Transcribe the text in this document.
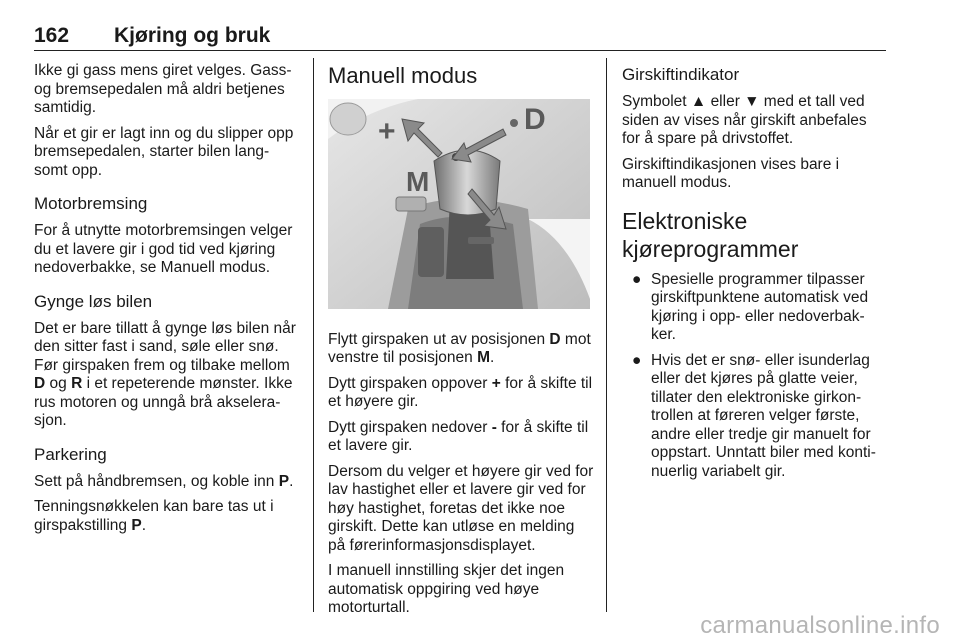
162 Kjøring og bruk

Ikke gi gass mens giret velges. Gass- og bremsepedalen må aldri betjenes samtidig.

Når et gir er lagt inn og du slipper opp bremsepedalen, starter bilen lang- somt opp.

Motorbremsing

For å utnytte motorbremsingen velger du et lavere gir i god tid ved kjøring nedoverbakke, se Manuell modus.

Gynge løs bilen

Det er bare tillatt å gynge løs bilen når den sitter fast i sand, søle eller snø. Før girspaken frem og tilbake mellom D og R i et repeterende mønster. Ikke rus motoren og unngå brå akselera- sjon.

Parkering

Sett på håndbremsen, og koble inn P.

Tenningsnøkkelen kan bare tas ut i girspakstilling P.

Manuell modus
M
D
+

Flytt girspaken ut av posisjonen D mot venstre til posisjonen M.

Dytt girspaken oppover + for å skifte til et høyere gir.

Dytt girspaken nedover - for å skifte til et lavere gir.

Dersom du velger et høyere gir ved for lav hastighet eller et lavere gir ved for høy hastighet, foretas det ikke noe girskift. Dette kan utløse en melding på førerinformasjonsdisplayet.

I manuell innstilling skjer det ingen automatisk oppgiring ved høye motorturtall.

Girskiftindikator

Symbolet ▲ eller ▼ med et tall ved siden av vises når girskift anbefales for å spare på drivstoffet.

Girskiftindikasjonen vises bare i manuell modus.

Elektroniske
kjøreprogrammer
● Spesielle programmer tilpasser girskiftpunktene automatisk ved kjøring i opp- eller nedoverbak- ker.
● Hvis det er snø- eller isunderlag eller det kjøres på glatte veier, tillater den elektroniske girkon- trollen at føreren velger første, andre eller tredje gir manuelt for oppstart. Unntatt biler med konti- nuerlig variabelt gir.
carmanualsonline.info
